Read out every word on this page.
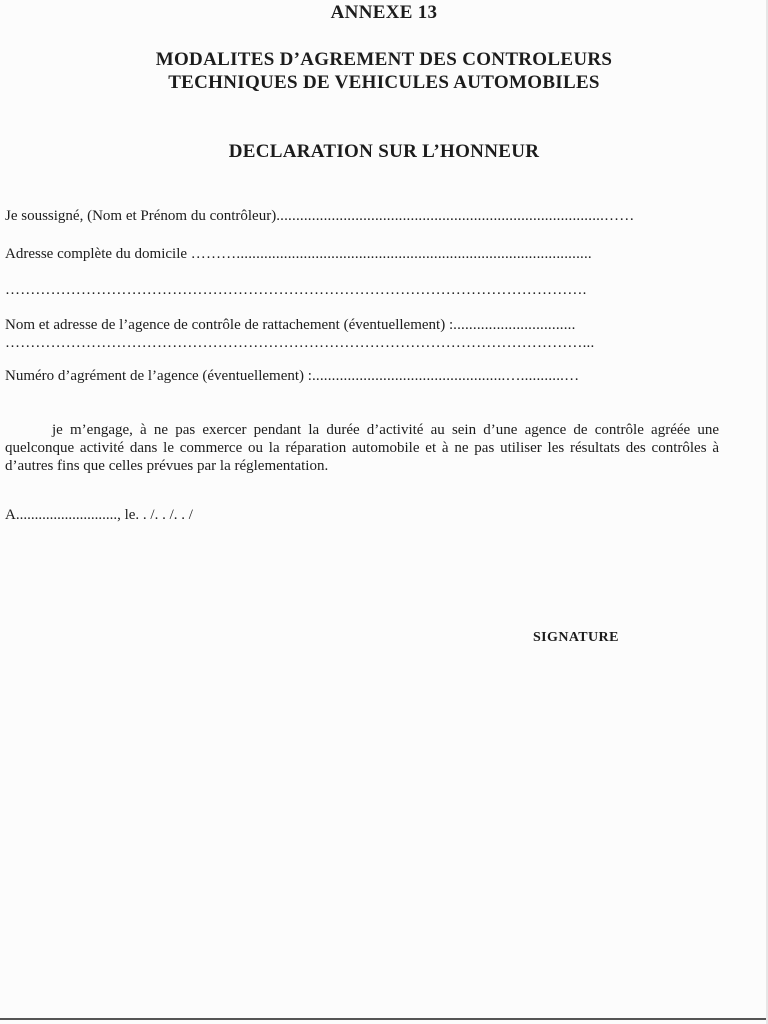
ANNEXE 13
MODALITES D’AGREMENT DES CONTROLEURS
TECHNIQUES DE VEHICULES AUTOMOBILES
DECLARATION SUR L’HONNEUR
Je soussigné, (Nom et Prénom du contrôleur)...................................................................................……
Adresse complète du domicile ………..........................................................................................
…………………………………………………………………………………………………….
Nom et adresse de l’agence de contrôle de rattachement (éventuellement) :...............................
……………………………………………………………………………………………………...
Numéro d’agrément de l’agence (éventuellement) :.................................................…...........…
je m’engage, à ne pas exercer pendant la durée d’activité au sein d’une agence de contrôle agréée une quelconque activité dans le commerce ou la réparation automobile et à ne pas utiliser les résultats des contrôles à d’autres fins que celles prévues par la réglementation.
A..........................., le. . /. . /. . /
SIGNATURE
